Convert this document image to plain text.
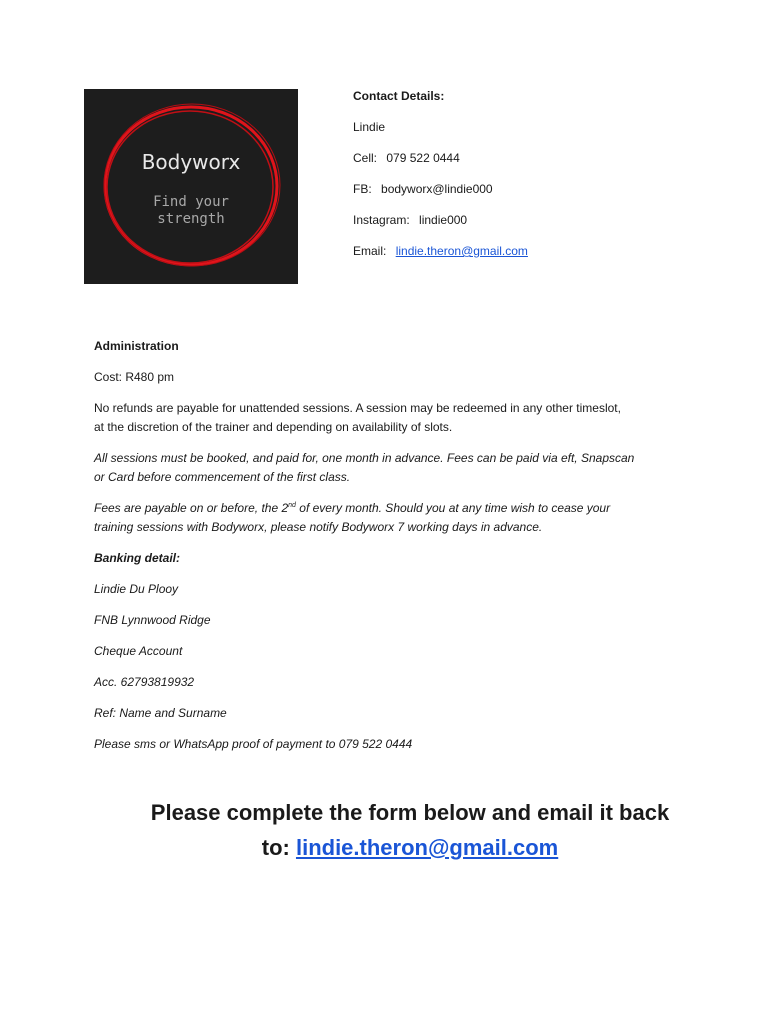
Bodyworx
Find your
strength
Contact Details:
Lindie
Cell: 079 522 0444
FB: bodyworx@lindie000
Instagram: lindie000
Email: lindie.theron@gmail.com

Administration

Cost: R480 pm

No refunds are payable for unattended sessions. A session may be redeemed in any other timeslot,

at the discretion of the trainer and depending on availability of slots.

All sessions must be booked, and paid for, one month in advance. Fees can be paid via eft, Snapscan

or Card before commencement of the first class.

Fees are payable on or before, the 2nd of every month. Should you at any time wish to cease your

training sessions with Bodyworx, please notify Bodyworx 7 working days in advance.

Banking detail:

Lindie Du Plooy

FNB Lynnwood Ridge

Cheque Account

Acc. 62793819932

Ref: Name and Surname

Please sms or WhatsApp proof of payment to 079 522 0444

Please complete the form below and email it back
to: lindie.theron@gmail.com
